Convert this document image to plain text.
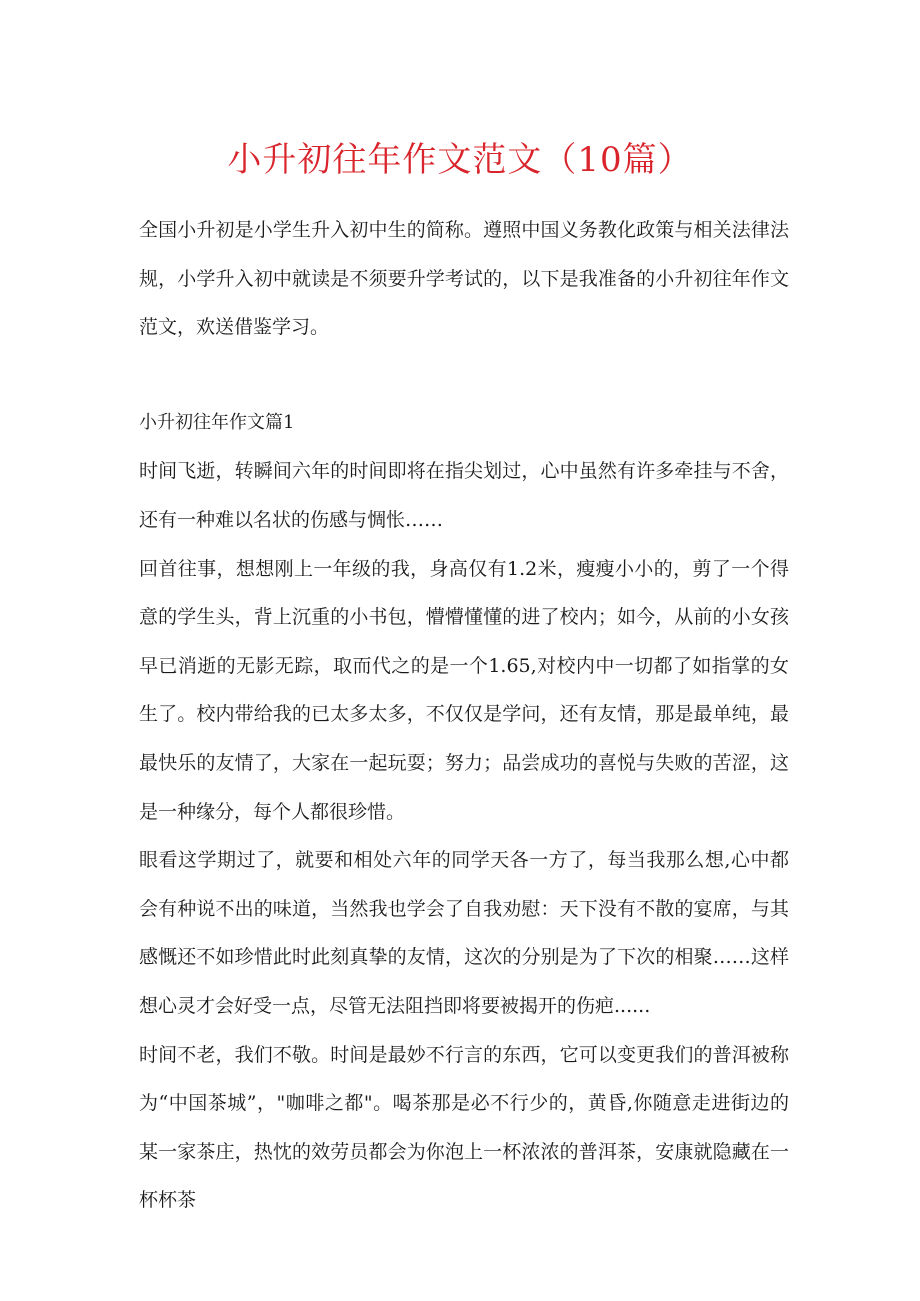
小升初往年作文范文（10篇）

全国小升初是小学生升入初中生的简称。遵照中国义务教化政策与相关法律法规，小学升入初中就读是不须要升学考试的，以下是我准备的小升初往年作文范文，欢送借鉴学习。

小升初往年作文篇1

时间飞逝，转瞬间六年的时间即将在指尖划过，心中虽然有许多牵挂与不舍，还有一种难以名状的伤感与惆怅……

回首往事，想想刚上一年级的我，身高仅有1.2米，瘦瘦小小的，剪了一个得意的学生头，背上沉重的小书包，懵懵懂懂的进了校内；如今，从前的小女孩早已消逝的无影无踪，取而代之的是一个1.65,对校内中一切都了如指掌的女生了。校内带给我的已太多太多，不仅仅是学问，还有友情，那是最单纯，最最快乐的友情了，大家在一起玩耍；努力；品尝成功的喜悦与失败的苦涩，这是一种缘分，每个人都很珍惜。

眼看这学期过了，就要和相处六年的同学天各一方了，每当我那么想,心中都会有种说不出的味道，当然我也学会了自我劝慰：天下没有不散的宴席，与其感慨还不如珍惜此时此刻真挚的友情，这次的分别是为了下次的相聚……这样想心灵才会好受一点，尽管无法阻挡即将要被揭开的伤疤......

时间不老，我们不敬。时间是最妙不行言的东西，它可以变更我们的普洱被称为“中国茶城”，"咖啡之都"。喝茶那是必不行少的，黄昏,你随意走进街边的某一家茶庄，热忱的效劳员都会为你泡上一杯浓浓的普洱茶，安康就隐藏在一杯杯茶
